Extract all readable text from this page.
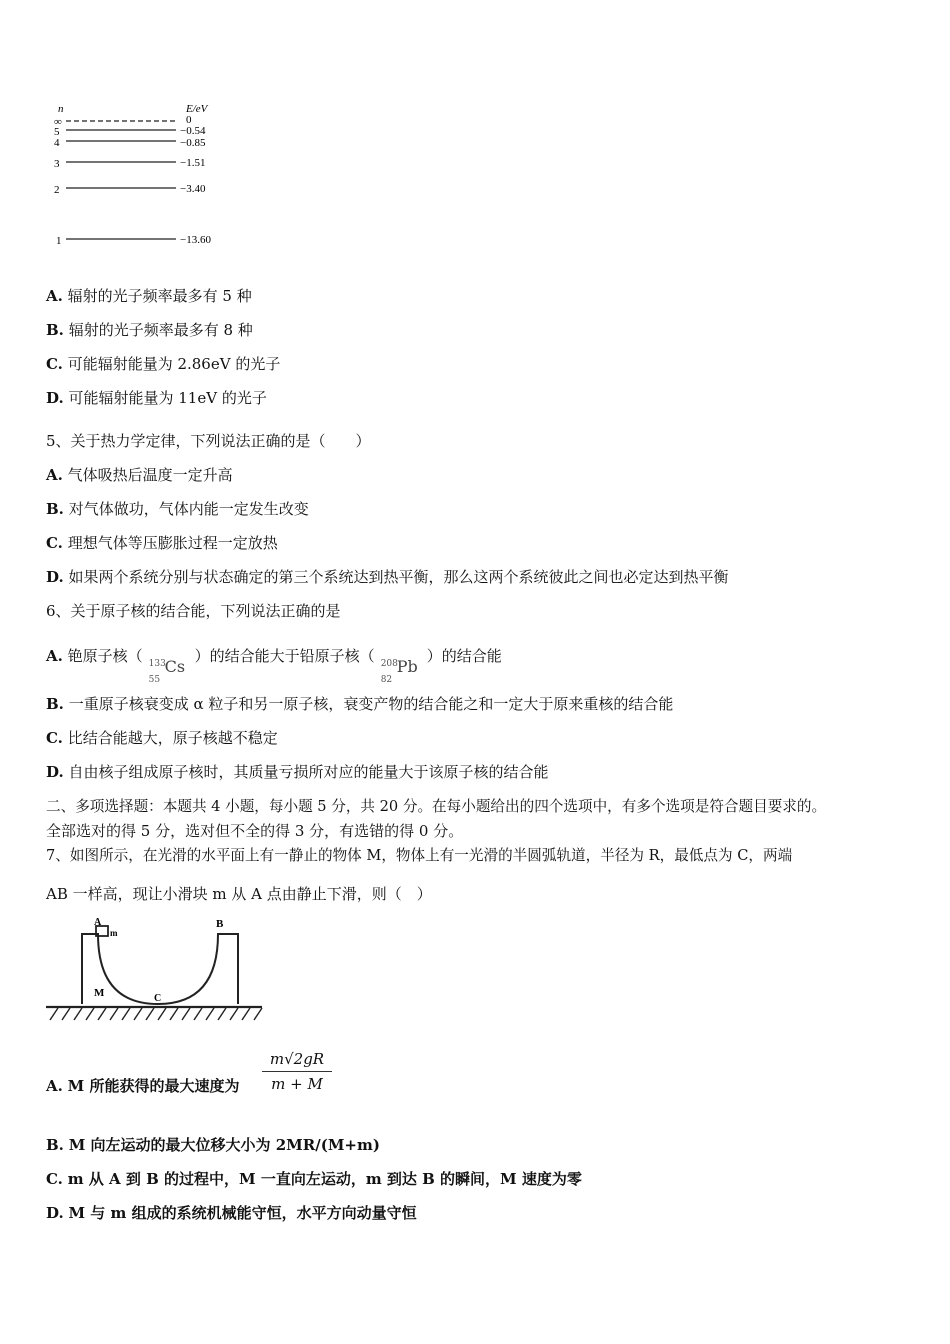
n	E/eV
∞	0
5	−0.54
4	−0.85
3	−1.51
2	−3.40
1	−13.60
A. 辐射的光子频率最多有 5 种
B. 辐射的光子频率最多有 8 种
C. 可能辐射能量为 2.86eV 的光子
D. 可能辐射能量为 11eV 的光子
5、关于热力学定律，下列说法正确的是（　　）
A. 气体吸热后温度一定升高
B. 对气体做功，气体内能一定发生改变
C. 理想气体等压膨胀过程一定放热
D. 如果两个系统分别与状态确定的第三个系统达到热平衡，那么这两个系统彼此之间也必定达到热平衡
6、关于原子核的结合能，下列说法正确的是
A. 铯原子核（ 133
55
Cs
）的结合能大于铅原子核（ 208
82
Pb
）的结合能
B. 一重原子核衰变成 α 粒子和另一原子核，衰变产物的结合能之和一定大于原来重核的结合能
C. 比结合能越大，原子核越不稳定
D. 自由核子组成原子核时，其质量亏损所对应的能量大于该原子核的结合能
二、多项选择题：本题共 4 小题，每小题 5 分，共 20 分。在每小题给出的四个选项中，有多个选项是符合题目要求的。
全部选对的得 5 分，选对但不全的得 3 分，有选错的得 0 分。
7、如图所示，在光滑的水平面上有一静止的物体 M，物体上有一光滑的半圆弧轨道，半径为 R，最低点为 C，两端
AB 一样高，现让小滑块 m 从 A 点由静止下滑，则（　）
A
m
B
M	C
A. M 所能获得的最大速度为 $\frac{m√2gR}{m + M}$
B. M 向左运动的最大位移大小为 2MR/(M+m)
C. m 从 A 到 B 的过程中，M 一直向左运动，m 到达 B 的瞬间，M 速度为零
D. M 与 m 组成的系统机械能守恒，水平方向动量守恒
